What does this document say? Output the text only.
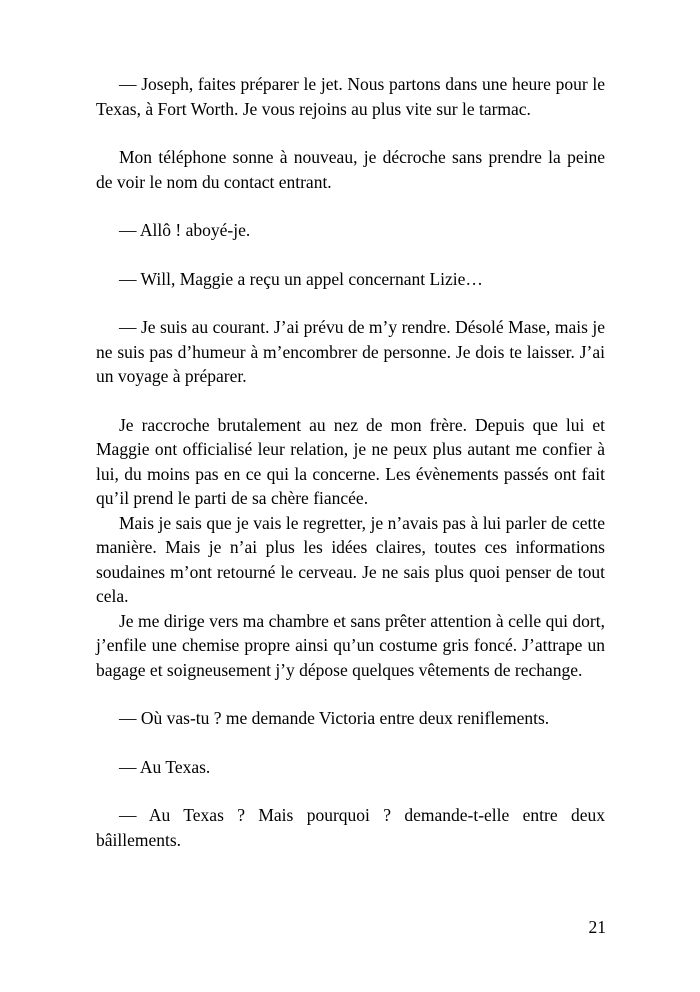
— Joseph, faites préparer le jet. Nous partons dans une heure pour le Texas, à Fort Worth. Je vous rejoins au plus vite sur le tarmac.

Mon téléphone sonne à nouveau, je décroche sans prendre la peine de voir le nom du contact entrant.

— Allô ! aboyé-je.

— Will, Maggie a reçu un appel concernant Lizie…

— Je suis au courant. J’ai prévu de m’y rendre. Désolé Mase, mais je ne suis pas d’humeur à m’encombrer de personne. Je dois te laisser. J’ai un voyage à préparer.

Je raccroche brutalement au nez de mon frère. Depuis que lui et Maggie ont officialisé leur relation, je ne peux plus autant me confier à lui, du moins pas en ce qui la concerne. Les évènements passés ont fait qu’il prend le parti de sa chère fiancée.

Mais je sais que je vais le regretter, je n’avais pas à lui parler de cette manière. Mais je n’ai plus les idées claires, toutes ces informations soudaines m’ont retourné le cerveau. Je ne sais plus quoi penser de tout cela.

Je me dirige vers ma chambre et sans prêter attention à celle qui dort, j’enfile une chemise propre ainsi qu’un costume gris foncé. J’attrape un bagage et soigneusement j’y dépose quelques vêtements de rechange.

— Où vas-tu ? me demande Victoria entre deux reniflements.

— Au Texas.

— Au Texas ? Mais pourquoi ? demande-t-elle entre deux bâillements.

21
